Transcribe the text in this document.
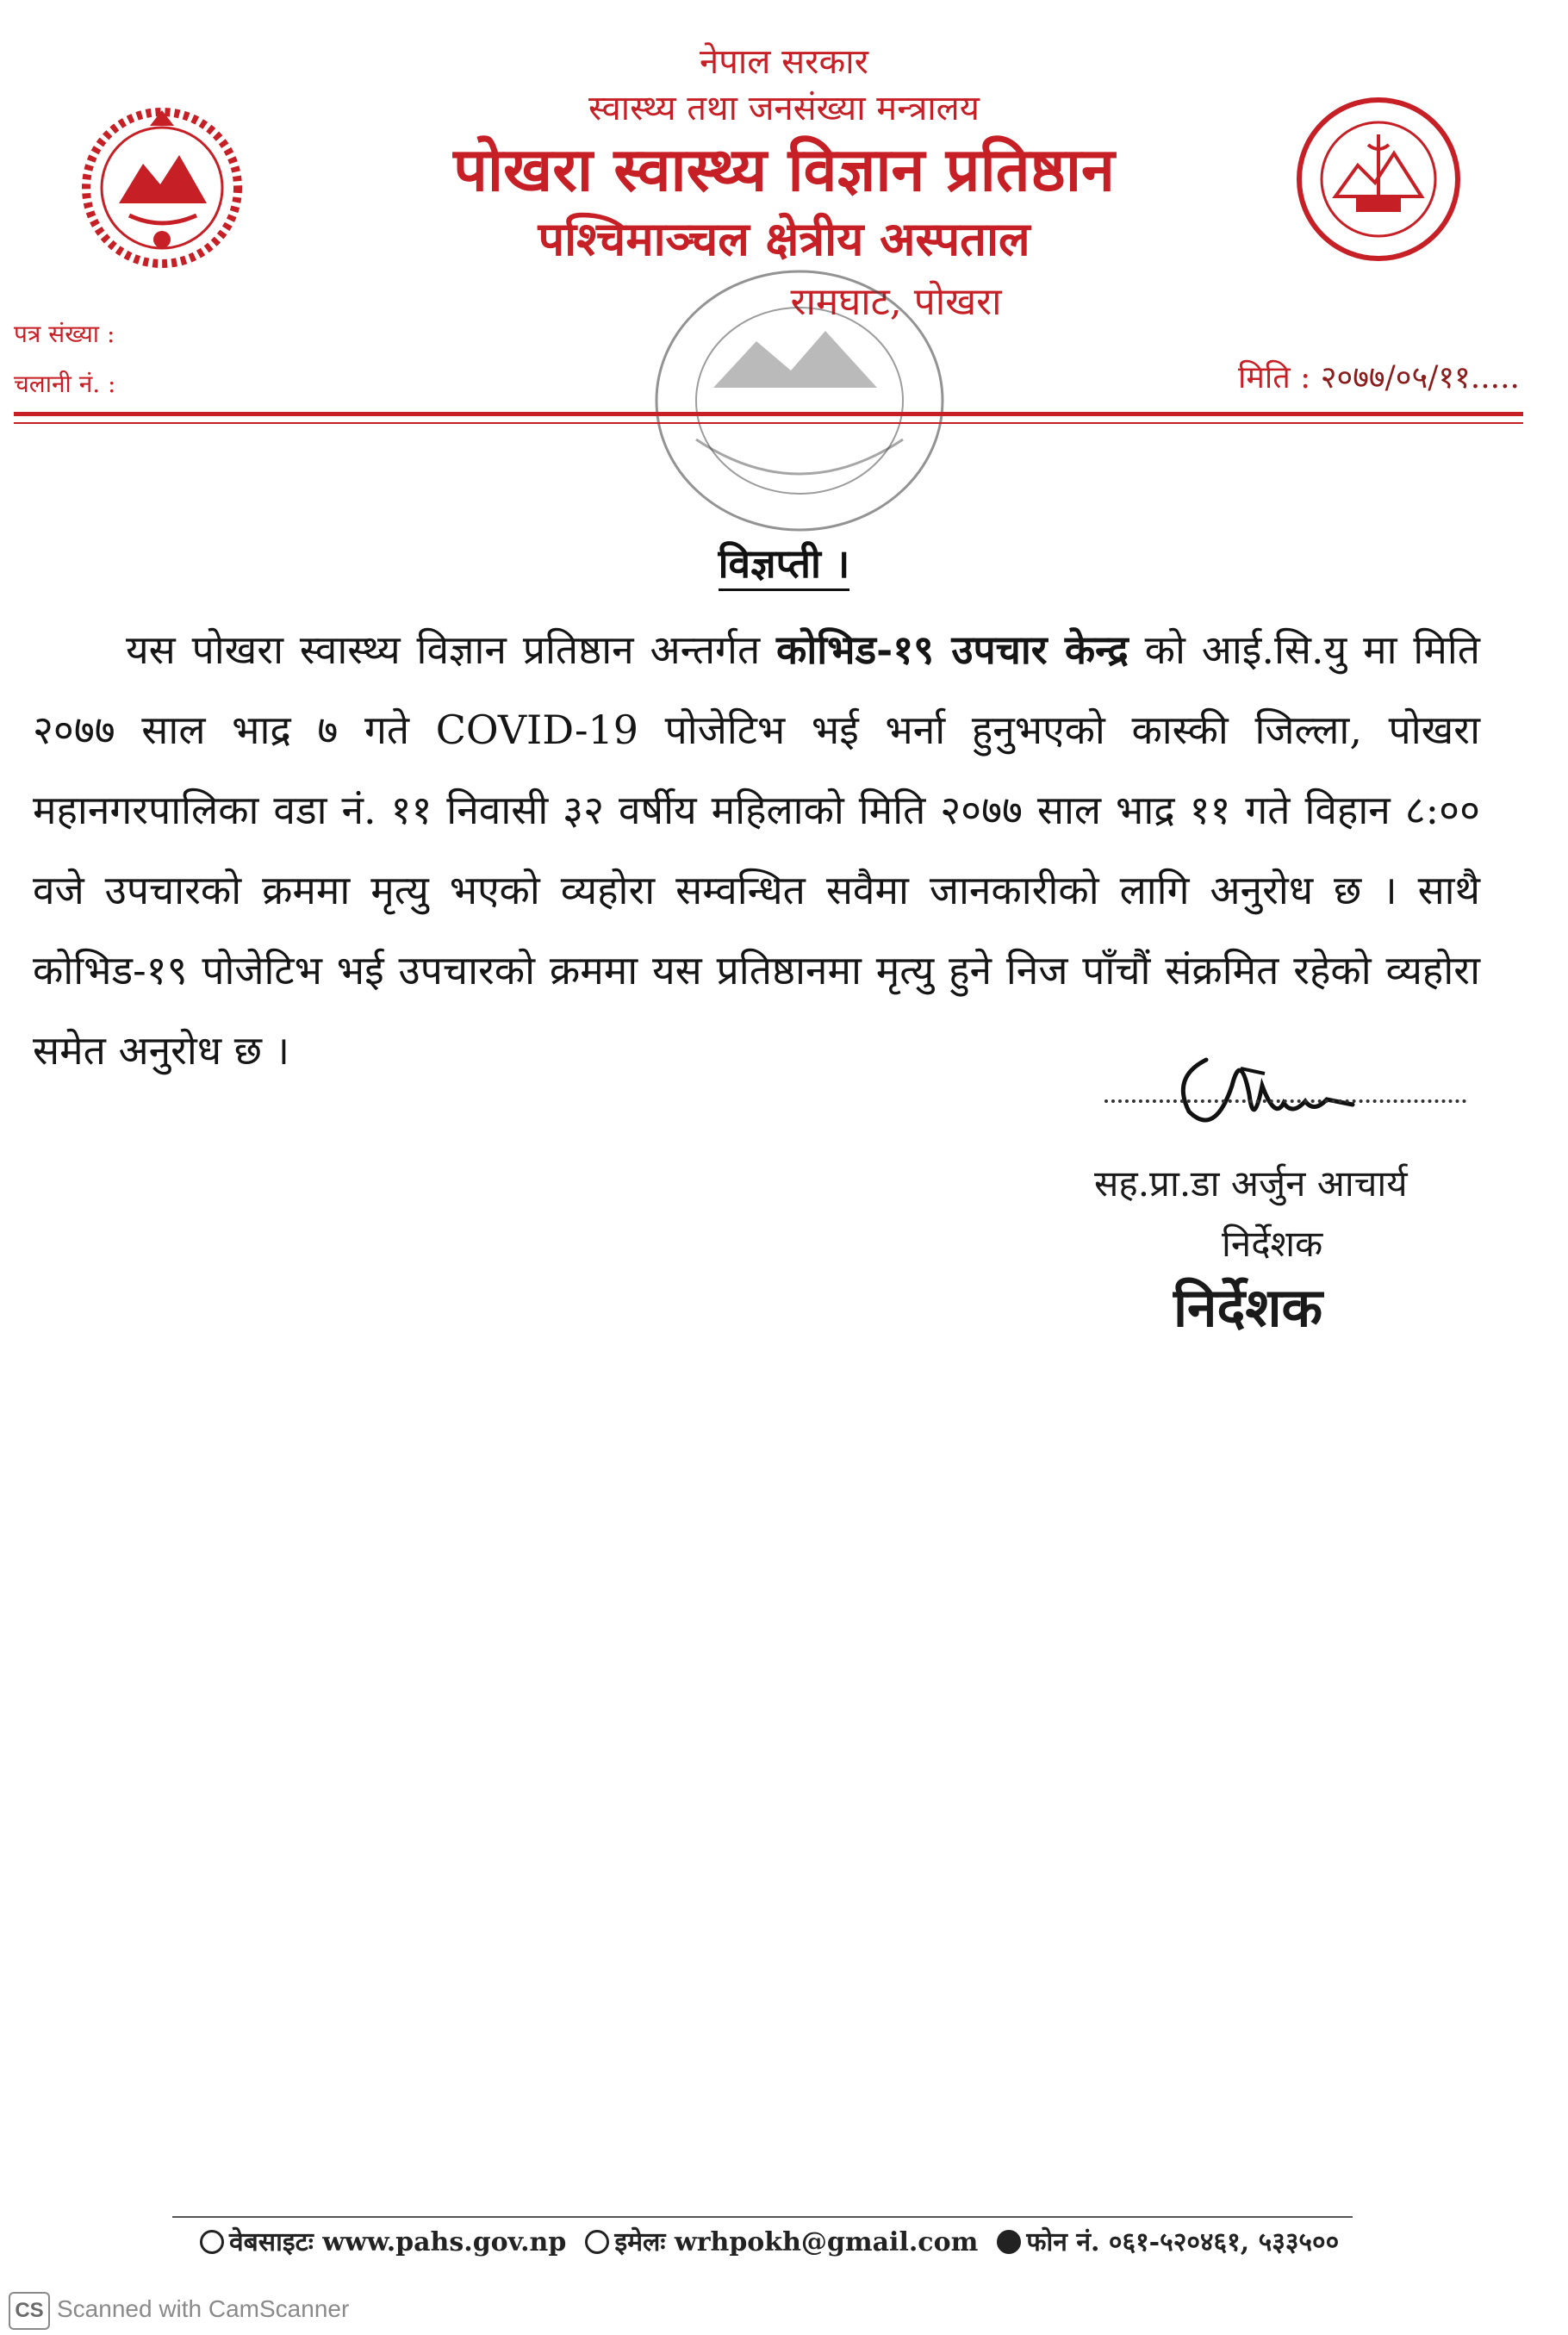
नेपाल सरकार
स्वास्थ्य तथा जनसंख्या मन्त्रालय
पोखरा स्वास्थ्य विज्ञान प्रतिष्ठान
पश्चिमाञ्चल क्षेत्रीय अस्पताल
रामघाट, पोखरा
पत्र संख्या :
चलानी नं. :	मिति : २०७७/०५/११.....
विज्ञप्ती ।
यस पोखरा स्वास्थ्य विज्ञान प्रतिष्ठान अन्तर्गत कोभिड-१९ उपचार केन्द्र को आई.सि.यु मा मिति २०७७ साल भाद्र ७ गते COVID-19 पोजेटिभ भई भर्ना हुनुभएको कास्की जिल्ला, पोखरा महानगरपालिका वडा नं. ११ निवासी ३२ वर्षीय महिलाको मिति २०७७ साल भाद्र ११ गते विहान ८:०० वजे उपचारको क्रममा मृत्यु भएको व्यहोरा सम्वन्धित सवैमा जानकारीको लागि अनुरोध छ । साथै कोभिड-१९ पोजेटिभ भई उपचारको क्रममा यस प्रतिष्ठानमा मृत्यु हुने निज पाँचौं संक्रमित रहेको व्यहोरा समेत अनुरोध छ ।
सह.प्रा.डा अर्जुन आचार्य
निर्देशक
निर्देशक
वेबसाइटः www.pahs.gov.np इमेलः wrhpokh@gmail.com फोन नं. ०६१-५२०४६१, ५३३५००
CS Scanned with CamScanner
